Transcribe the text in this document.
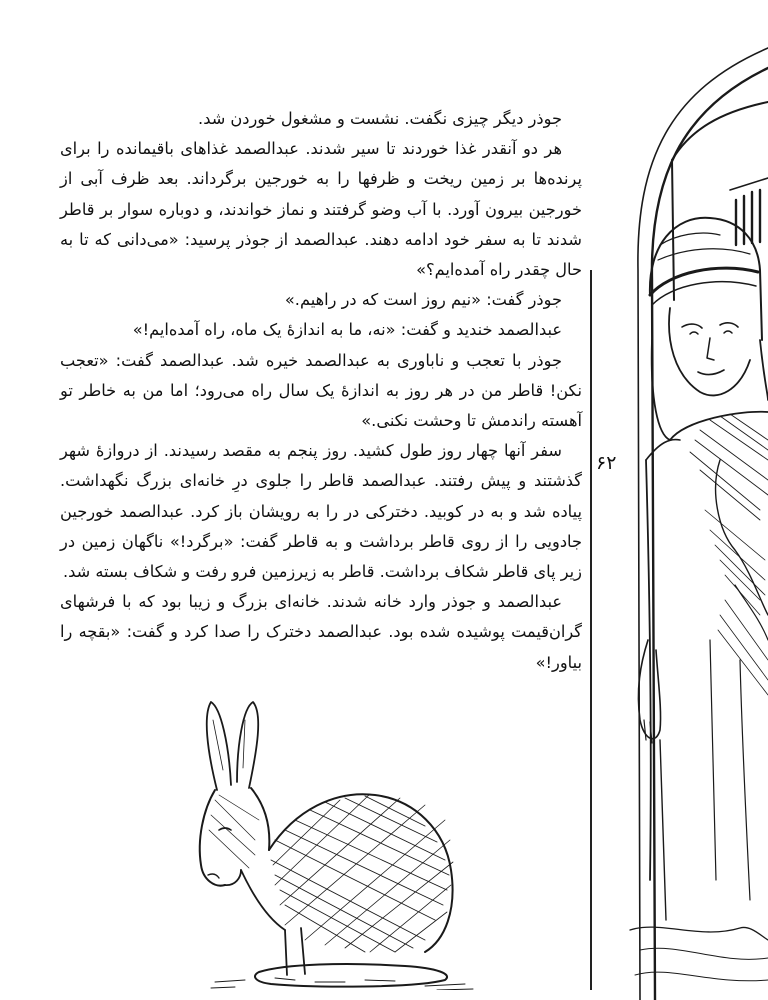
جوذر دیگر چیزی نگفت. نشست و مشغول خوردن شد.

هر دو آنقدر غذا خوردند تا سیر شدند. عبدالصمد غذاهای باقیمانده را برای پرنده‌ها بر زمین ریخت و ظرفها را به خورجین برگرداند. بعد ظرف آبی از خورجین بیرون آورد. با آب وضو گرفتند و نماز خواندند، و دوباره سوار بر قاطر شدند تا به سفر خود ادامه دهند. عبدالصمد از جوذر پرسید: «می‌دانی که تا به حال چقدر راه آمده‌ایم؟»

جوذر گفت: «نیم روز است که در راهیم.»

عبدالصمد خندید و گفت: «نه، ما به اندازهٔ یک ماه، راه آمده‌ایم!»

جوذر با تعجب و ناباوری به عبدالصمد خیره شد. عبدالصمد گفت: «تعجب نکن! قاطر من در هر روز به اندازهٔ یک سال راه می‌رود؛ اما من به خاطر تو آهسته راندمش تا وحشت نکنی.»

سفر آنها چهار روز طول کشید. روز پنجم به مقصد رسیدند. از دروازهٔ شهر گذشتند و پیش رفتند. عبدالصمد قاطر را جلوی درِ خانه‌ای بزرگ نگهداشت. پیاده شد و به در کوبید. دخترکی در را به رویشان باز کرد. عبدالصمد خورجین جادویی را از روی قاطر برداشت و به قاطر گفت: «برگرد!» ناگهان زمین در زیر پای قاطر شکاف برداشت. قاطر به زیرزمین فرو رفت و شکاف بسته شد.

عبدالصمد و جوذر وارد خانه شدند. خانه‌ای بزرگ و زیبا بود که با فرشهای گران‌قیمت پوشیده شده بود. عبدالصمد دخترک را صدا کرد و گفت: «بقچه را بیاور!»

۶۲
